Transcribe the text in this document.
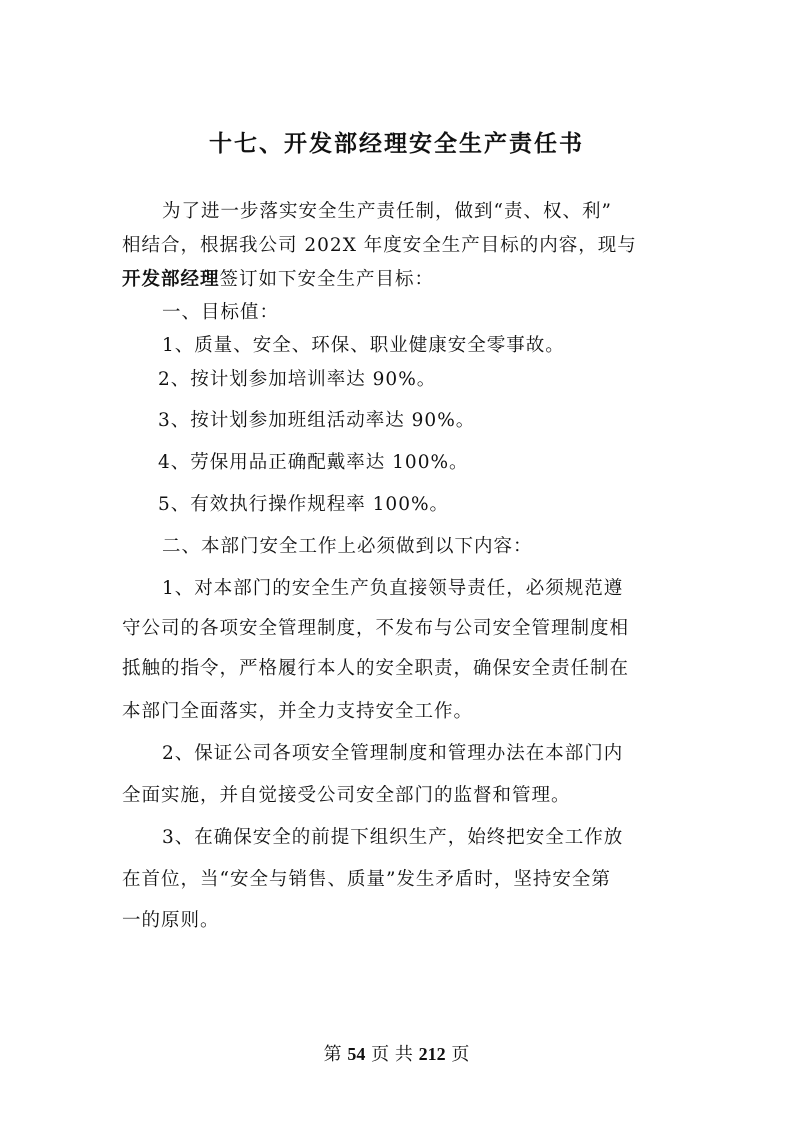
十七、开发部经理安全生产责任书
为了进一步落实安全生产责任制，做到“责、权、利”
相结合，根据我公司 202X 年度安全生产目标的内容，现与
开发部经理签订如下安全生产目标：
一、目标值：
1、质量、安全、环保、职业健康安全零事故。
2、按计划参加培训率达 90%。
3、按计划参加班组活动率达 90%。
4、劳保用品正确配戴率达 100%。
5、有效执行操作规程率 100%。
二、本部门安全工作上必须做到以下内容：
1、对本部门的安全生产负直接领导责任，必须规范遵
守公司的各项安全管理制度，不发布与公司安全管理制度相
抵触的指令，严格履行本人的安全职责，确保安全责任制在
本部门全面落实，并全力支持安全工作。
2、保证公司各项安全管理制度和管理办法在本部门内
全面实施，并自觉接受公司安全部门的监督和管理。
3、在确保安全的前提下组织生产，始终把安全工作放
在首位，当“安全与销售、质量”发生矛盾时，坚持安全第
一的原则。
第 54 页 共 212 页
